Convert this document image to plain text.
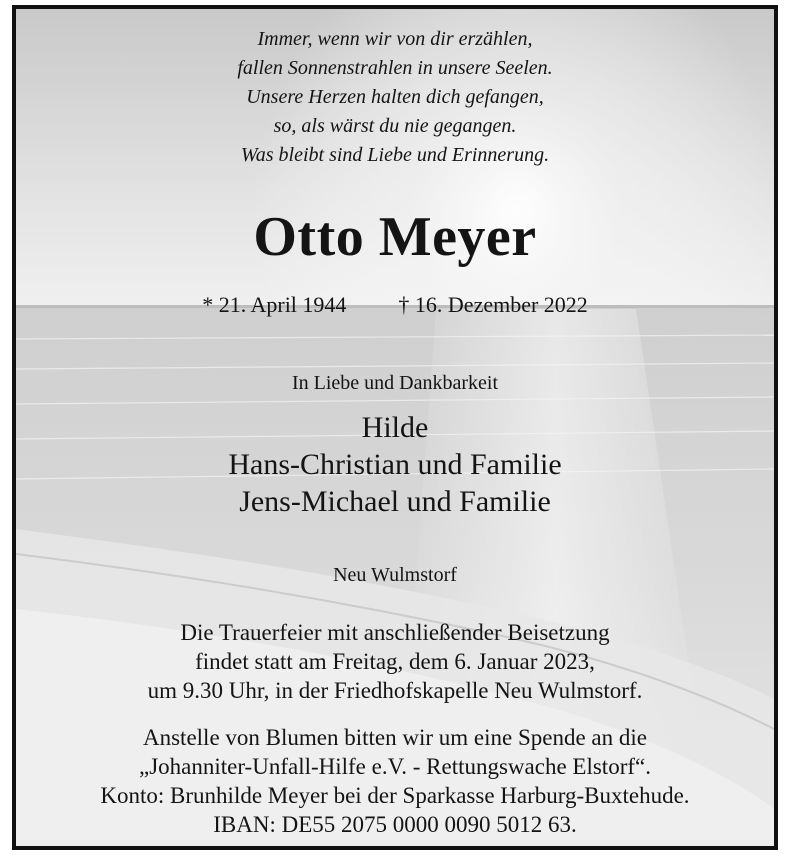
Immer, wenn wir von dir erzählen,
fallen Sonnenstrahlen in unsere Seelen.
Unsere Herzen halten dich gefangen,
so, als wärst du nie gegangen.
Was bleibt sind Liebe und Erinnerung.
Otto Meyer
* 21. April 1944 † 16. Dezember 2022
In Liebe und Dankbarkeit
Hilde
Hans-Christian und Familie
Jens-Michael und Familie
Neu Wulmstorf
Die Trauerfeier mit anschließender Beisetzung
findet statt am Freitag, dem 6. Januar 2023,
um 9.30 Uhr, in der Friedhofskapelle Neu Wulmstorf.
Anstelle von Blumen bitten wir um eine Spende an die
„Johanniter-Unfall-Hilfe e.V. - Rettungswache Elstorf“.
Konto: Brunhilde Meyer bei der Sparkasse Harburg-Buxtehude.
IBAN: DE55 2075 0000 0090 5012 63.
